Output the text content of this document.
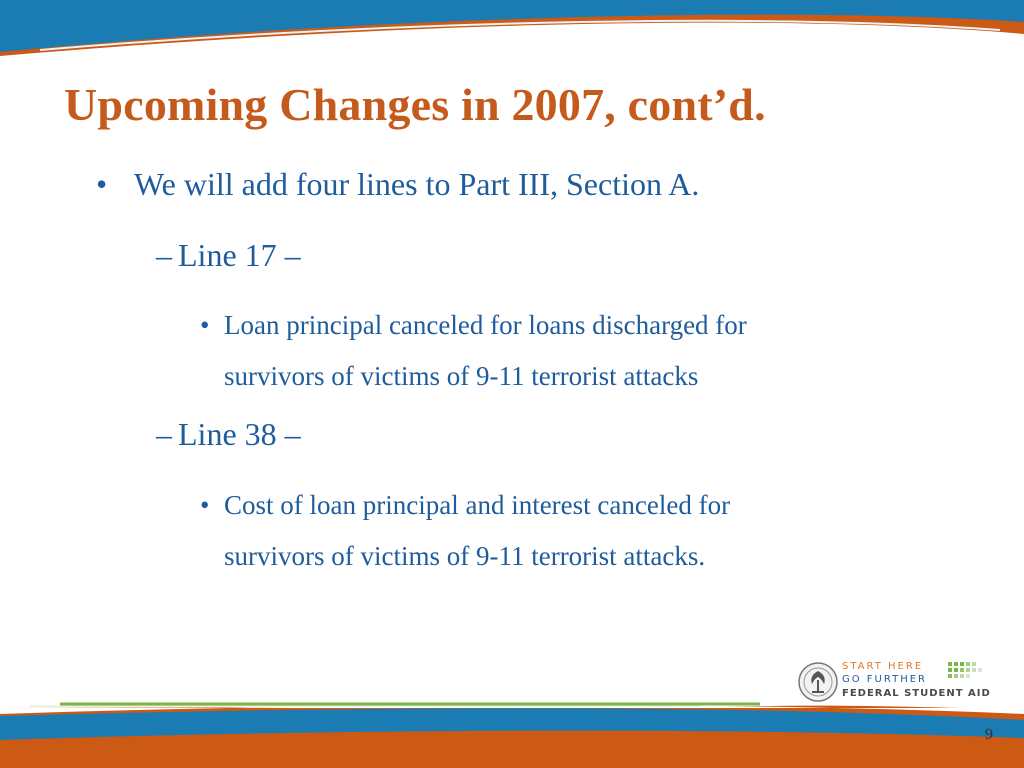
Upcoming Changes in 2007, cont’d.
• We will add four lines to Part III, Section A.
– Line 17 –
• Loan principal canceled for loans discharged for
survivors of victims of 9-11 terrorist attacks
– Line 38 –
• Cost of loan principal and interest canceled for
survivors of victims of 9-11 terrorist attacks.
START HERE
GO FURTHER
FEDERAL STUDENT AID
9
